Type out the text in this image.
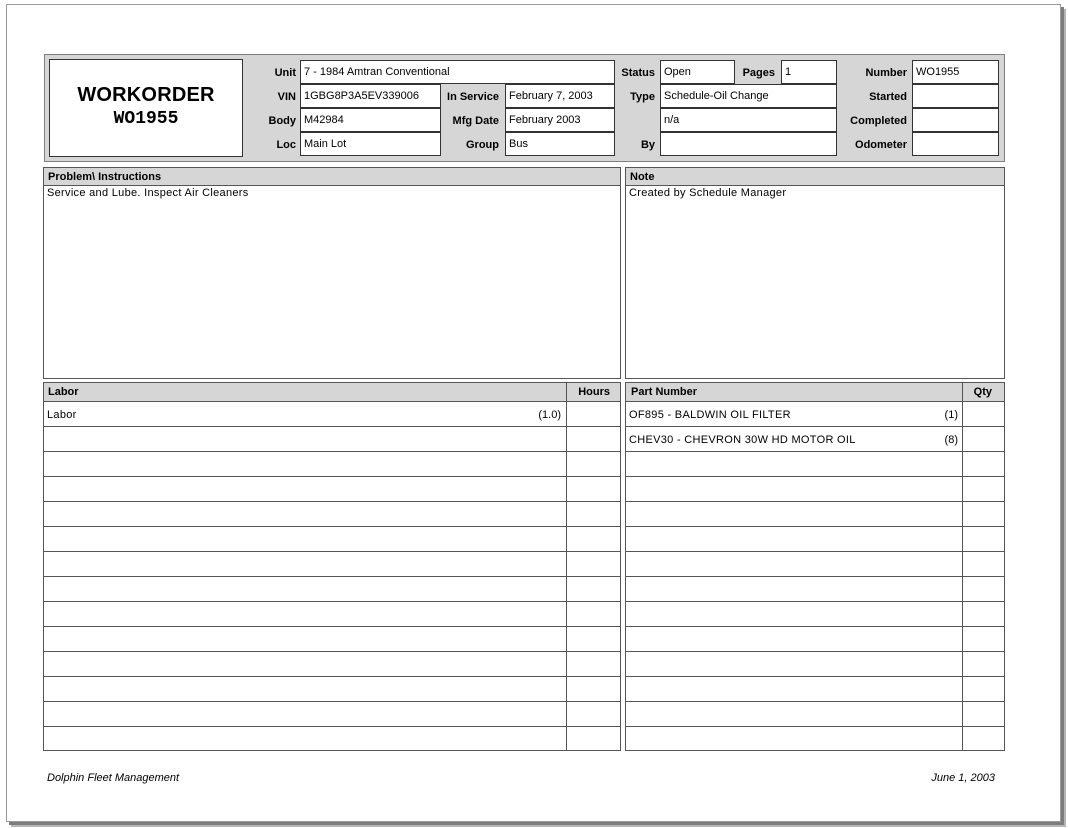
WORKORDER
WO1955
Unit 7 - 1984 Amtran Conventional
VIN 1GBG8P3A5EV339006
Body M42984
Loc Main Lot
In Service February 7, 2003
Mfg Date February 2003
Group Bus
Status Open	Pages 1
Type Schedule-Oil Change
n/a
By
Number WO1955
Started
Completed
Odometer
Problem\ Instructions
Service and Lube. Inspect Air Cleaners
Note
Created by Schedule Manager
Labor	Hours
Labor	(1.0)
Part Number	Qty
OF895 - BALDWIN OIL FILTER	(1)
CHEV30 - CHEVRON 30W HD MOTOR OIL	(8)
Dolphin Fleet Management	June 1, 2003
